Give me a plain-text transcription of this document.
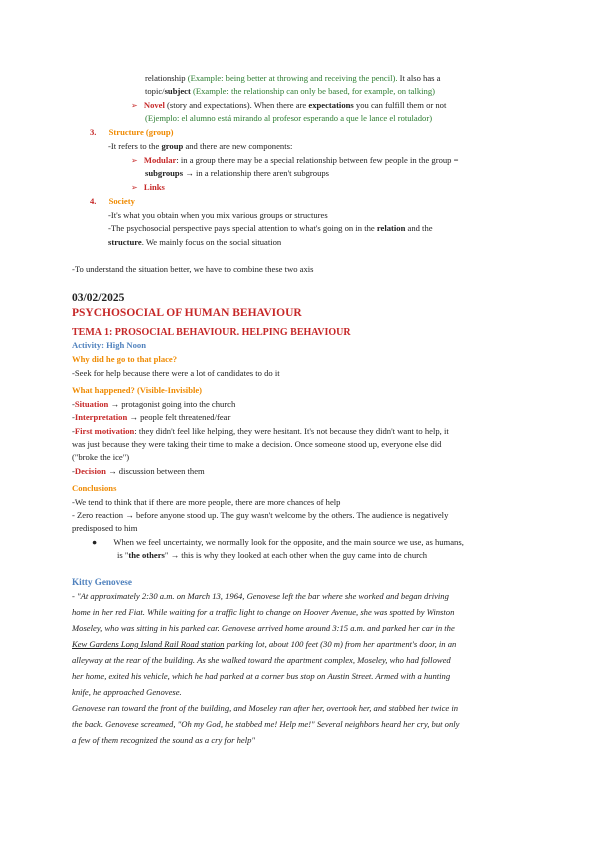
relationship (Example: being better at throwing and receiving the pencil). It also has a
topic/subject (Example: the relationship can only be based, for example, on talking)
➢ Novel (story and expectations). When there are expectations you can fulfill them or not
(Ejemplo: el alumno está mirando al profesor esperando a que le lance el rotulador)
3. Structure (group)
-It refers to the group and there are new components:
➢ Modular: in a group there may be a special relationship between few people in the group =
subgroups → in a relationship there aren't subgroups
➢ Links
4. Society
-It's what you obtain when you mix various groups or structures
-The psychosocial perspective pays special attention to what's going on in the relation and the
structure. We mainly focus on the social situation
-To understand the situation better, we have to combine these two axis
03/02/2025
PSYCHOSOCIAL OF HUMAN BEHAVIOUR
TEMA 1: PROSOCIAL BEHAVIOUR. HELPING BEHAVIOUR
Activity: High Noon
Why did he go to that place?
-Seek for help because there were a lot of candidates to do it
What happened? (Visible-Invisible)
-Situation → protagonist going into the church
-Interpretation → people felt threatened/fear
-First motivation: they didn't feel like helping, they were hesitant. It's not because they didn't want to help, it
was just because they were taking their time to make a decision. Once someone stood up, everyone else did
("broke the ice")
-Decision → discussion between them
Conclusions
-We tend to think that if there are more people, there are more chances of help
- Zero reaction → before anyone stood up. The guy wasn't welcome by the others. The audience is negatively
predisposed to him
● When we feel uncertainty, we normally look for the opposite, and the main source we use, as humans,
is "the others" → this is why they looked at each other when the guy came into de church
Kitty Genovese
- "At approximately 2:30 a.m. on March 13, 1964, Genovese left the bar where she worked and began driving
home in her red Fiat. While waiting for a traffic light to change on Hoover Avenue, she was spotted by Winston
Moseley, who was sitting in his parked car. Genovese arrived home around 3:15 a.m. and parked her car in the
Kew Gardens Long Island Rail Road station parking lot, about 100 feet (30 m) from her apartment's door, in an
alleyway at the rear of the building. As she walked toward the apartment complex, Moseley, who had followed
her home, exited his vehicle, which he had parked at a corner bus stop on Austin Street. Armed with a hunting
knife, he approached Genovese.
Genovese ran toward the front of the building, and Moseley ran after her, overtook her, and stabbed her twice in
the back. Genovese screamed, "Oh my God, he stabbed me! Help me!" Several neighbors heard her cry, but only
a few of them recognized the sound as a cry for help"
